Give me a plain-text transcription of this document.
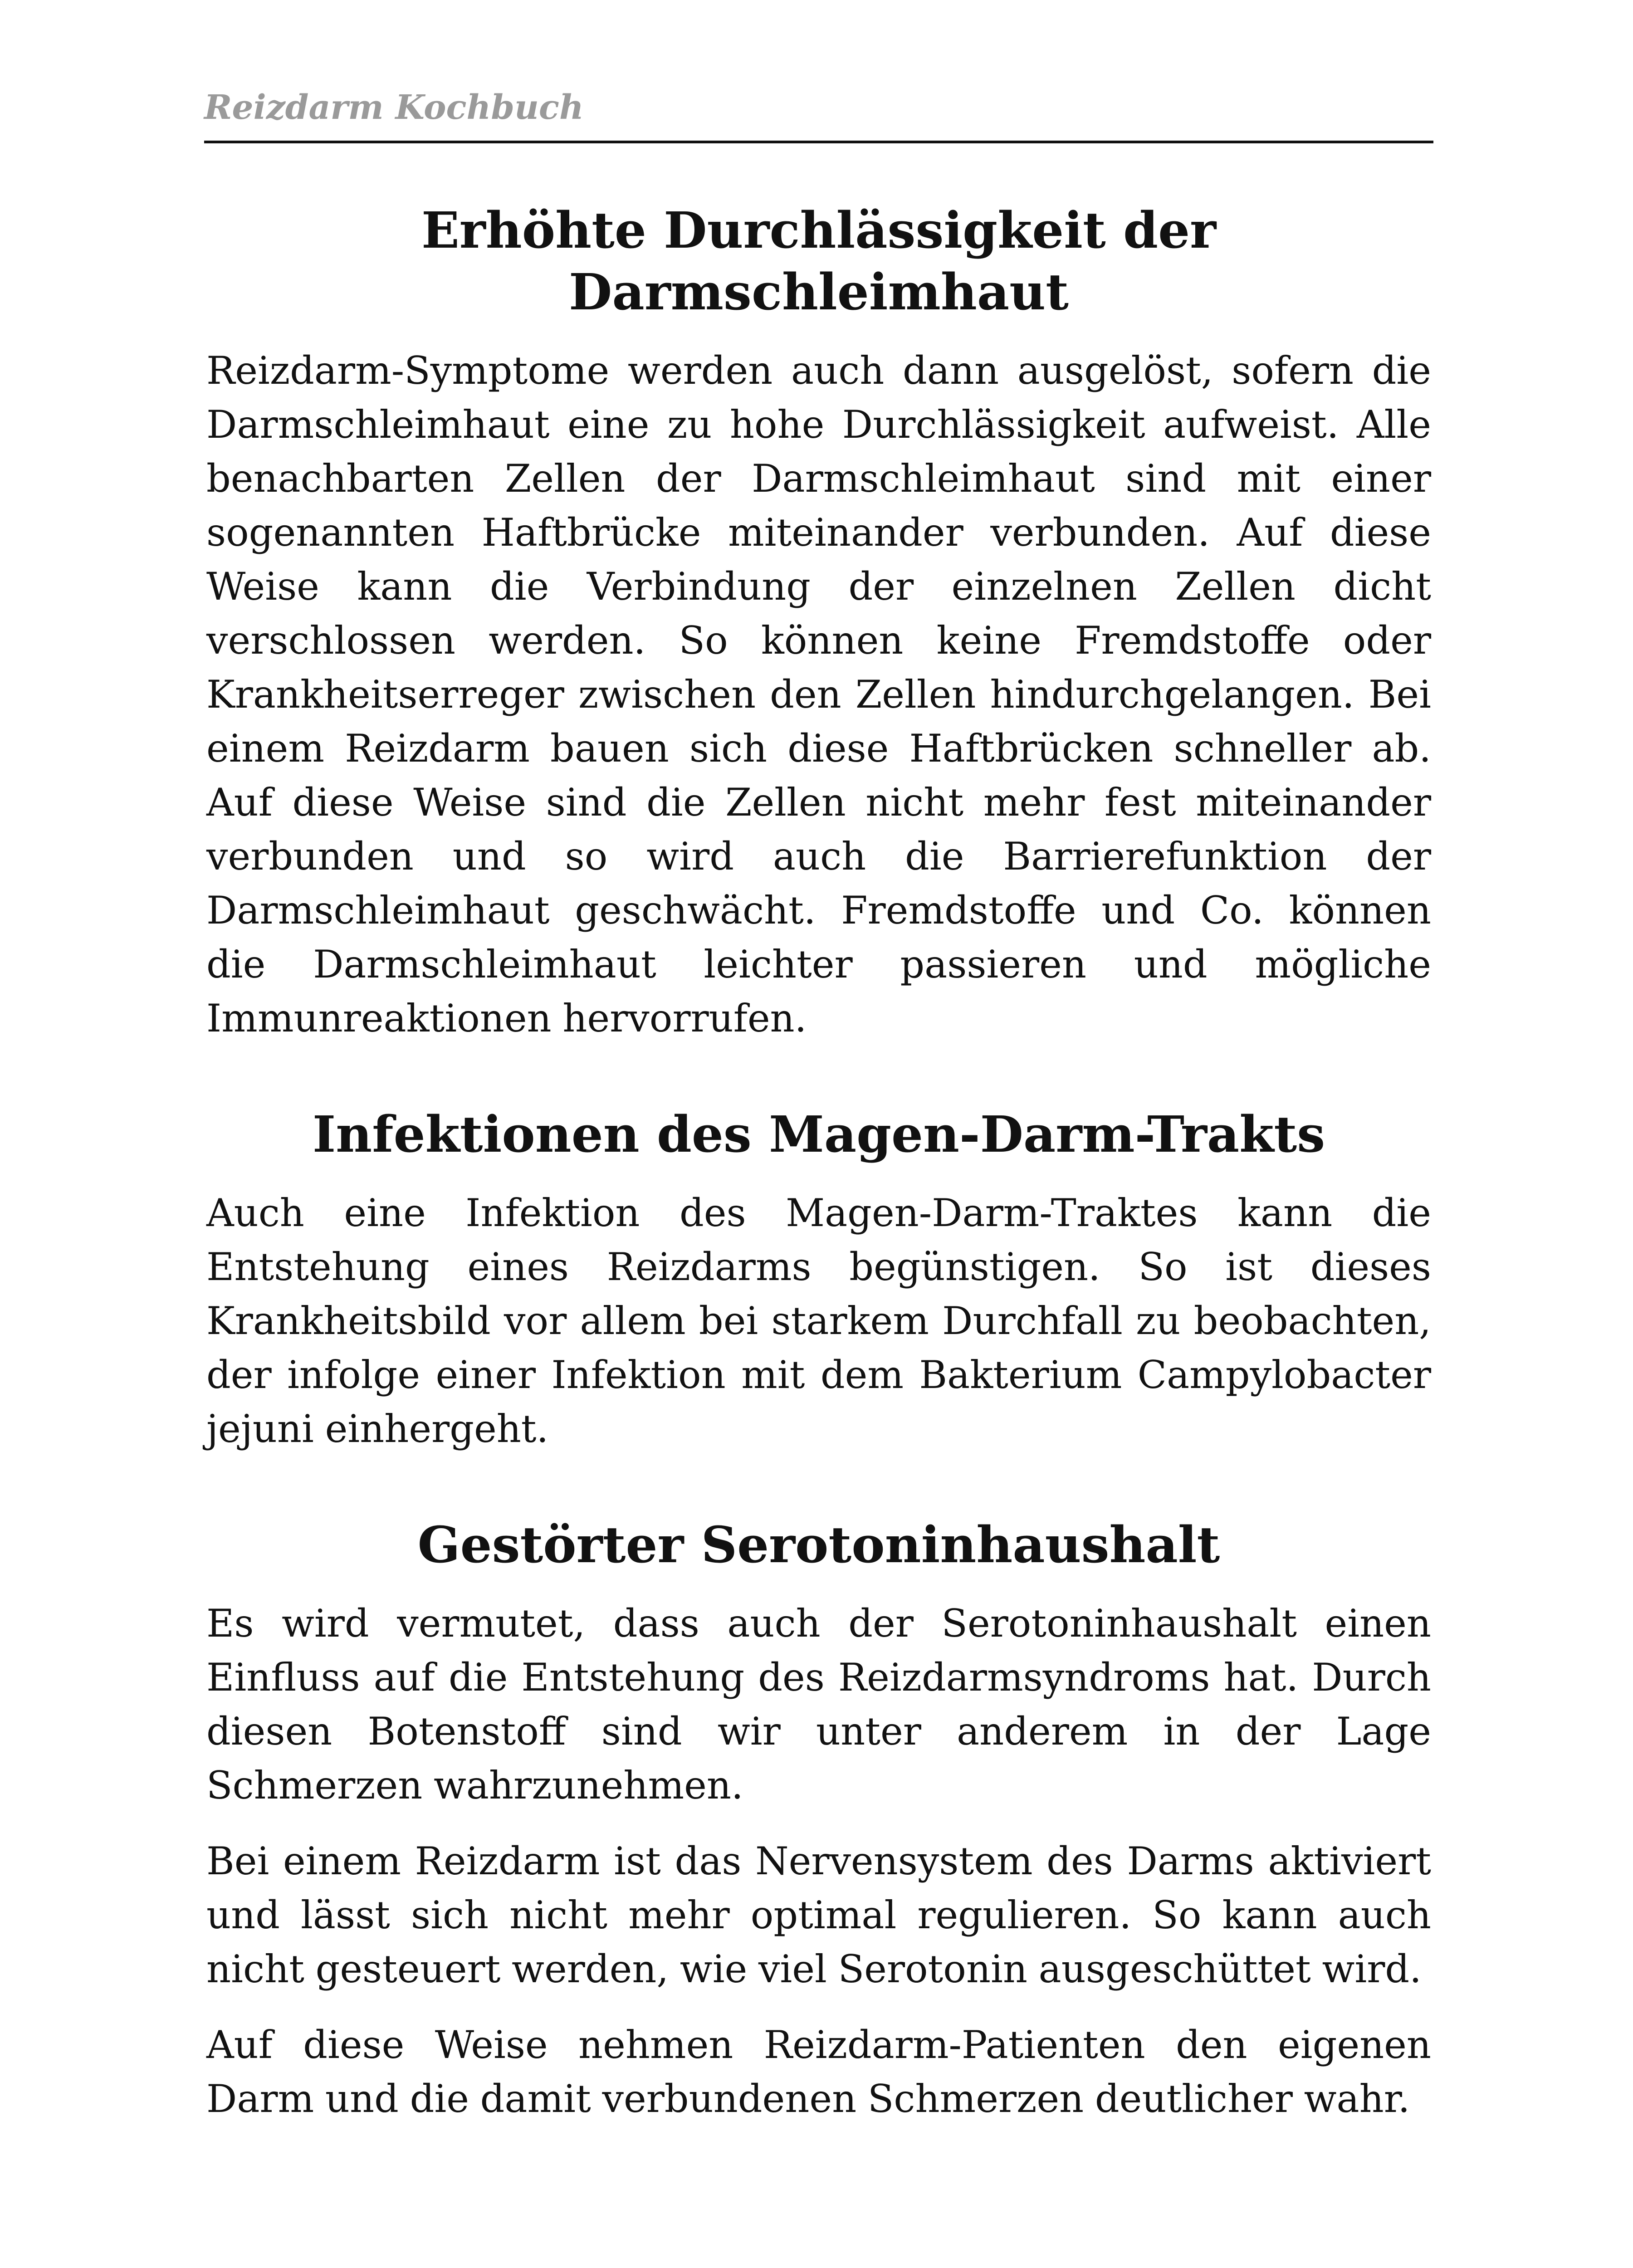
Reizdarm Kochbuch
Erhöhte Durchlässigkeit der Darmschleimhaut

Reizdarm-Symptome werden auch dann ausgelöst, sofern die Darmschleimhaut eine zu hohe Durchlässigkeit aufweist. Alle benachbarten Zellen der Darmschleimhaut sind mit einer sogenannten Haftbrücke miteinander verbunden. Auf diese Weise kann die Verbindung der einzelnen Zellen dicht verschlossen werden. So können keine Fremdstoffe oder Krankheitserreger zwischen den Zellen hindurchgelangen. Bei einem Reizdarm bauen sich diese Haftbrücken schneller ab. Auf diese Weise sind die Zellen nicht mehr fest miteinander verbunden und so wird auch die Barrierefunktion der Darmschleimhaut geschwächt. Fremdstoffe und Co. können die Darmschleimhaut leichter passieren und mögliche Immunreaktionen hervorrufen.

Infektionen des Magen-Darm-Trakts

Auch eine Infektion des Magen-Darm-Traktes kann die Entstehung eines Reizdarms begünstigen. So ist dieses Krankheitsbild vor allem bei starkem Durchfall zu beobachten, der infolge einer Infektion mit dem Bakterium Campylobacter jejuni einhergeht.

Gestörter Serotoninhaushalt

Es wird vermutet, dass auch der Serotoninhaushalt einen Einfluss auf die Entstehung des Reizdarmsyndroms hat. Durch diesen Botenstoff sind wir unter anderem in der Lage Schmerzen wahrzunehmen.

Bei einem Reizdarm ist das Nervensystem des Darms aktiviert und lässt sich nicht mehr optimal regulieren. So kann auch nicht gesteuert werden, wie viel Serotonin ausgeschüttet wird.

Auf diese Weise nehmen Reizdarm-Patienten den eigenen Darm und die damit verbundenen Schmerzen deutlicher wahr.
